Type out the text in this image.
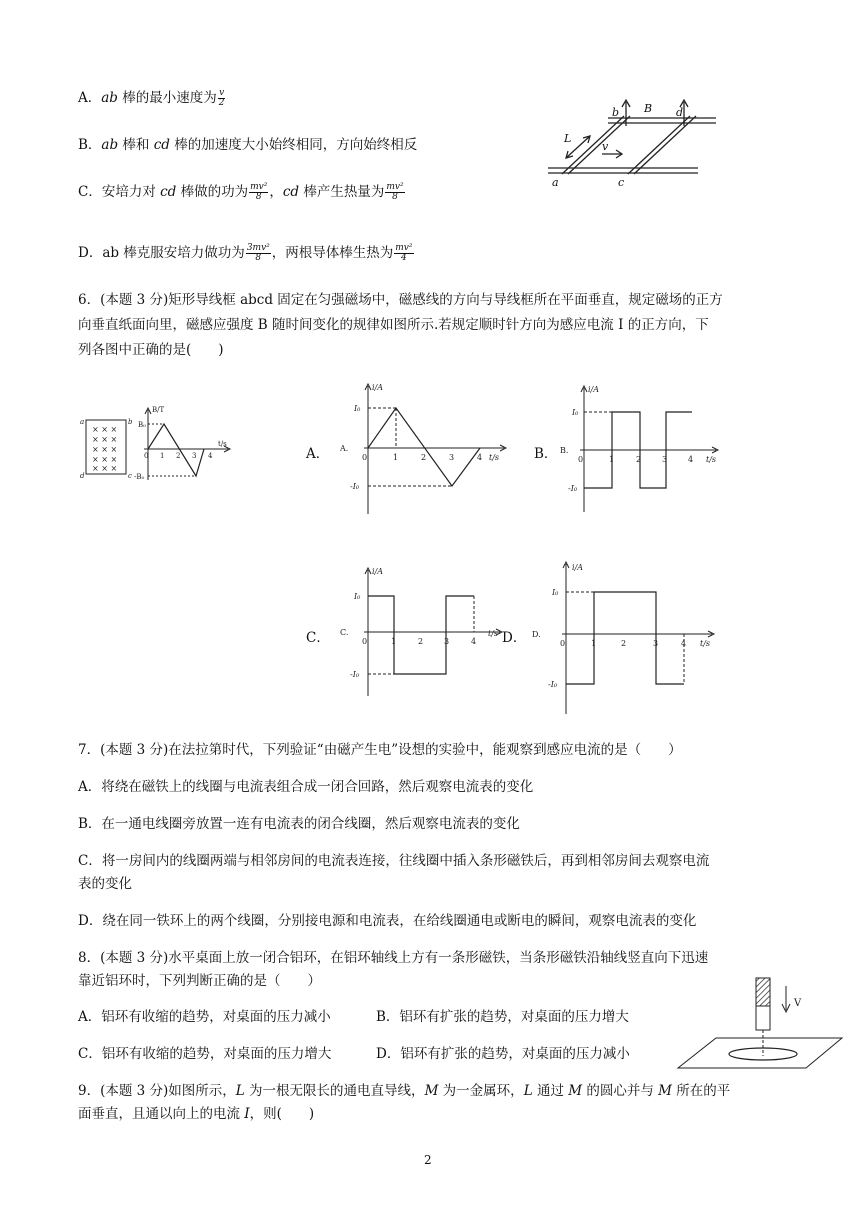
A．ab 棒的最小速度为 $\frac{v}{2}$
B．ab 棒和 cd 棒的加速度大小始终相同，方向始终相反
C．安培力对 cd 棒做的功为 $\frac{\text{mv²}}{8}$ ，cd 棒产生热量为 $\frac{\text{mv²}}{8}$
D．ab 棒克服安培力做功为 $\frac{\text{3mv²}}{8}$ ，两根导体棒生热为 $\frac{\text{mv²}}{4}$
b B d
L
v
a	c
6．(本题 3 分)矩形导线框 abcd 固定在匀强磁场中，磁感线的方向与导线框所在平面垂直，规定磁场的正方
向垂直纸面向里，磁感应强度 B 随时间变化的规律如图所示.若规定顺时针方向为感应电流 I 的正方向，下
列各图中正确的是(　　)
× × ×
× × ×
× × ×
× × ×
× × ×
a	b
d	c
B/T
B₀
-B₀
0 1 2 3 4
t/s
A．	B．
C．	D．
i/A
A.
I₀
-I₀
0	1	2	3	4 t/s
i/A
B.
I₀
-I₀
0	1	2	3	4 t/s
i/A
C.
I₀
-I₀
0	1	2	3	4
t/s
i/A
D.
I₀
-I₀
0	1	2	3	4 t/s
7．(本题 3 分)在法拉第时代，下列验证“由磁产生电”设想的实验中，能观察到感应电流的是（　　）
A．将绕在磁铁上的线圈与电流表组合成一闭合回路，然后观察电流表的变化
B．在一通电线圈旁放置一连有电流表的闭合线圈，然后观察电流表的变化
C．将一房间内的线圈两端与相邻房间的电流表连接，往线圈中插入条形磁铁后，再到相邻房间去观察电流
表的变化
D．绕在同一铁环上的两个线圈，分别接电源和电流表，在给线圈通电或断电的瞬间，观察电流表的变化
8．(本题 3 分)水平桌面上放一闭合铝环，在铝环轴线上方有一条形磁铁，当条形磁铁沿轴线竖直向下迅速
靠近铝环时，下列判断正确的是（　　）
A．铝环有收缩的趋势，对桌面的压力减小	B．铝环有扩张的趋势，对桌面的压力增大
C．铝环有收缩的趋势，对桌面的压力增大	D．铝环有扩张的趋势，对桌面的压力减小
V
9．(本题 3 分)如图所示，L 为一根无限长的通电直导线，M 为一金属环，L 通过 M 的圆心并与 M 所在的平
面垂直，且通以向上的电流 I，则(　　)
2
